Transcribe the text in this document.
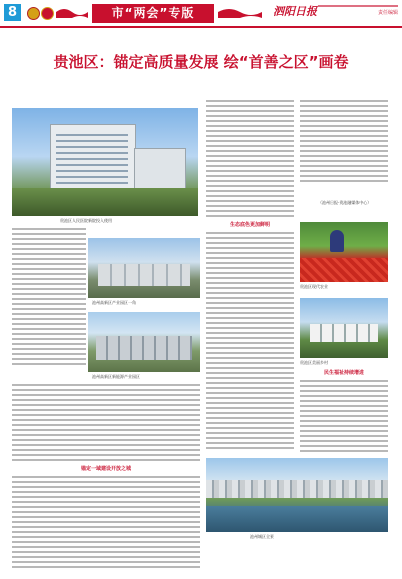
8	市“两会”专版	泗阳日报	责任编辑
贵池区：锚定高质量发展 绘“首善之区”画卷
贵池区人民医院新院投入使用
池州高新区产业园区一角
池州高新区新能源产业园区
贵池区现代农业
贵池区美丽乡村
池州城区全景
锚定一域建设开放之城
（池州日报·贵池融媒体中心）
生态底色更加鲜明
民生福祉持续增进
